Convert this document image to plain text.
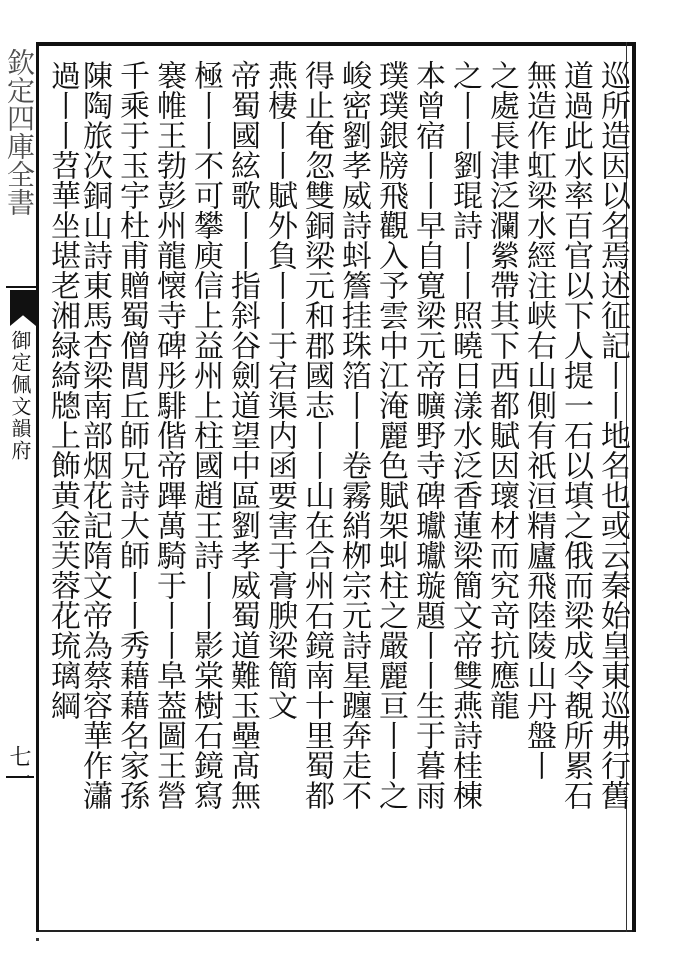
欽定四庫全書
御定佩文韻府
七一	巡所造因以名焉述征記丨丨地名也或云秦始皇東巡弗行舊
道過此水率百官以下人提一石以填之俄而梁成令覩所累石
無造作虹梁水經注峡右山側有祇洹精廬飛陸陵山丹盤丨
之處長津泛瀾縈帶其下西都賦因瓌材而究竒抗應龍
之丨丨劉琨詩丨丨照曉日漾水泛香蓮梁簡文帝雙燕詩桂棟
本曾宿丨丨早自寛梁元帝曠野寺碑瓛瓛璇題丨丨生于暮雨
璞璞銀牓飛觀入予雲中江淹麗色賦架虯柱之嚴麗亘丨丨之
峻密劉孝威詩蚪簷挂珠箔丨丨卷霧綃栁宗元詩星躔奔走不
得止奄忽雙銅梁元和郡國志丨丨山在合州石鏡南十里蜀都
燕棲丨丨賦外負丨丨于宕渠内函要害于膏腴梁簡文
帝蜀國絃歌丨丨指斜谷劍道望中區劉孝威蜀道難玉壘髙無
極丨丨不可攀庾信上益州上柱國趙王詩丨丨影棠樹石鏡寫
褰帷王勃彭州龍懐寺碑彤騑偕帝蹕萬騎于丨丨阜葢圖王營
千乘于玉宇杜甫贈蜀僧閭丘師兄詩大師丨丨秀藉藉名家孫
陳陶旅次銅山詩東馬杏梁南部烟花記隋文帝為蔡容華作瀟
過丨丨苕華坐堪老湘緑綺牕上飾黄金芙蓉花琉璃綱
